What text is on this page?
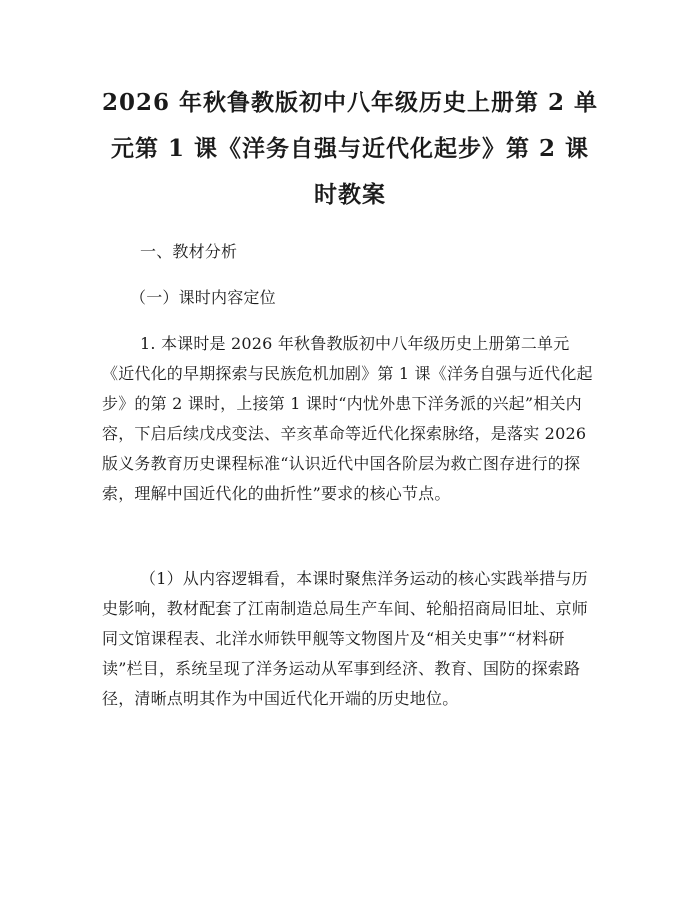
2026 年秋鲁教版初中八年级历史上册第 2 单
元第 1 课《洋务自强与近代化起步》第 2 课
时教案
一、教材分析
（一）课时内容定位
1. 本课时是 2026 年秋鲁教版初中八年级历史上册第二单元《近代化的早期探索与民族危机加剧》第 1 课《洋务自强与近代化起步》的第 2 课时，上接第 1 课时“内忧外患下洋务派的兴起”相关内容，下启后续戊戌变法、辛亥革命等近代化探索脉络，是落实 2026 版义务教育历史课程标准“认识近代中国各阶层为救亡图存进行的探索，理解中国近代化的曲折性”要求的核心节点。
（1）从内容逻辑看，本课时聚焦洋务运动的核心实践举措与历史影响，教材配套了江南制造总局生产车间、轮船招商局旧址、京师同文馆课程表、北洋水师铁甲舰等文物图片及“相关史事”“材料研读”栏目，系统呈现了洋务运动从军事到经济、教育、国防的探索路径，清晰点明其作为中国近代化开端的历史地位。
